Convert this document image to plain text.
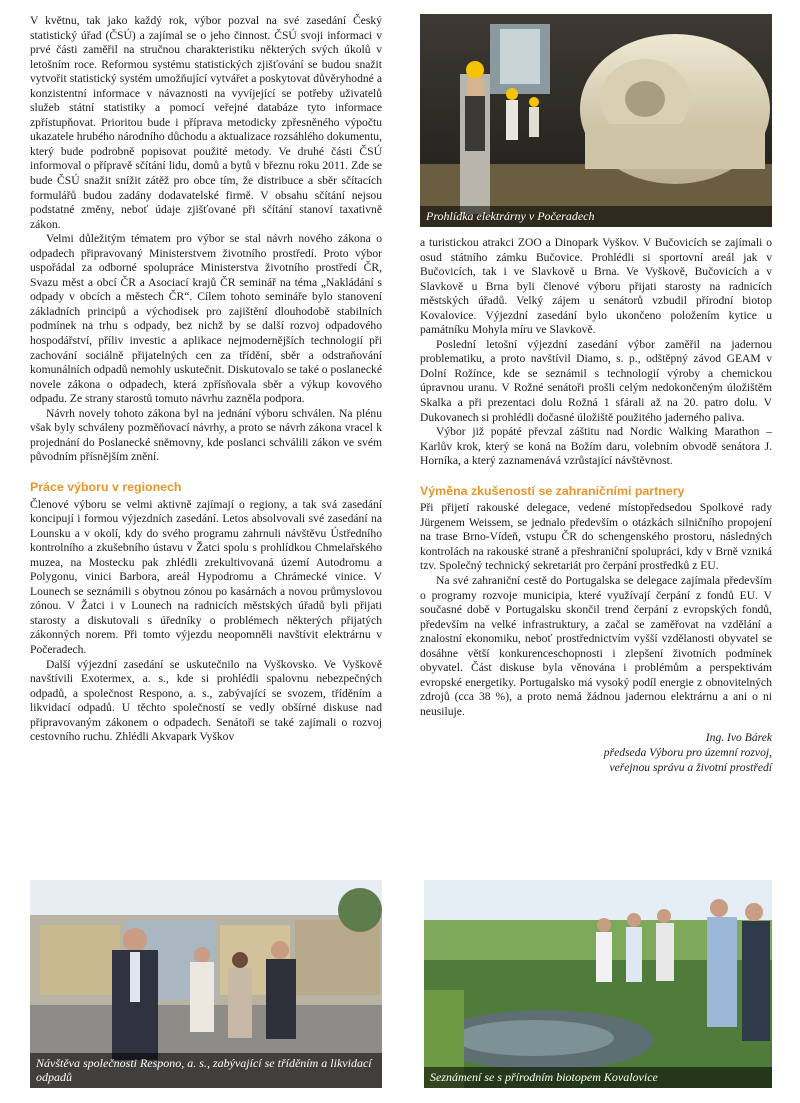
V květnu, tak jako každý rok, výbor pozval na své zasedání Český statistický úřad (ČSÚ) a zajímal se o jeho činnost. ČSÚ svoji informaci v prvé části zaměřil na stručnou charakteristiku některých svých úkolů v letošním roce. Reformou systému statistických zjišťování se budou snažit vytvořit statistický systém umožňující vytvářet a poskytovat důvěryhodné a konzistentní informace v návaznosti na vyvíjející se potřeby uživatelů služeb státní statistiky a pomocí veřejné databáze tyto informace zpřístupňovat. Prioritou bude i příprava metodicky zpřesněného výpočtu ukazatele hrubého národního důchodu a aktualizace rozsáhlého dokumentu, který bude podrobně popisovat použité metody. Ve druhé části ČSÚ informoval o přípravě sčítání lidu, domů a bytů v březnu roku 2011. Zde se bude ČSÚ snažit snížit zátěž pro obce tím, že distribuce a sběr sčítacích formulářů budou zadány dodavatelské firmě. V obsahu sčítání nejsou podstatné změny, neboť údaje zjišťované při sčítání stanoví taxativně zákon.

Velmi důležitým tématem pro výbor se stal návrh nového zákona o odpadech připravovaný Ministerstvem životního prostředí. Proto výbor uspořádal za odborné spolupráce Ministerstva životního prostředí ČR, Svazu měst a obcí ČR a Asociací krajů ČR seminář na téma „Nakládání s odpady v obcích a městech ČR“. Cílem tohoto semináře bylo stanovení základních principů a východisek pro zajištění dlouhodobě stabilních podmínek na trhu s odpady, bez nichž by se další rozvoj odpadového hospodářství, příliv investic a aplikace nejmodernějších technologií při zachování sociálně přijatelných cen za třídění, sběr a odstraňování komunálních odpadů nemohly uskutečnit. Diskutovalo se také o poslanecké novele zákona o odpadech, která zpřísňovala sběr a výkup kovového odpadu. Ze strany starostů tomuto návrhu zazněla podpora.

Návrh novely tohoto zákona byl na jednání výboru schválen. Na plénu však byly schváleny pozměňovací návrhy, a proto se návrh zákona vracel k projednání do Poslanecké sněmovny, kde poslanci schválili zákon ve svém původním přísnějším znění.

Práce výboru v regionech

Členové výboru se velmi aktivně zajímají o regiony, a tak svá zasedání koncipují i formou výjezdních zasedání. Letos absolvovali své zasedání na Lounsku a v okolí, kdy do svého programu zahrnuli návštěvu Ústředního kontrolního a zkušebního ústavu v Žatci spolu s prohlídkou Chmelařského muzea, na Mostecku pak zhlédli zrekultivovaná území Autodromu a Polygonu, vinici Barbora, areál Hypodromu a Chrámecké vinice. V Lounech se seznámili s obytnou zónou po kasárnách a novou průmyslovou zónou. V Žatci i v Lounech na radnicích městských úřadů byli přijati starosty a diskutovali s úředníky o problémech některých přijatých zákonných norem. Při tomto výjezdu neopomněli navštívit elektrárnu v Počeradech.

Další výjezdní zasedání se uskutečnilo na Vyškovsko. Ve Vyškově navštívili Exotermex, a. s., kde si prohlédli spalovnu nebezpečných odpadů, a společnost Respono, a. s., zabývající se svozem, tříděním a likvidací odpadů. U těchto společností se vedly obšírné diskuse nad připravovaným zákonem o odpadech. Senátoři se také zajímali o rozvoj cestovního ruchu. Zhlédli Akvapark Vyškov

Prohlídka elektrárny v Počeradech

a turistickou atrakci ZOO a Dinopark Vyškov. V Bučovicích se zajímali o osud státního zámku Bučovice. Prohlédli si sportovní areál jak v Bučovicích, tak i ve Slavkově u Brna. Ve Vyškově, Bučovicích a v Slavkově u Brna byli členové výboru přijati starosty na radnicích městských úřadů. Velký zájem u senátorů vzbudil přírodní biotop Kovalovice. Výjezdní zasedání bylo ukončeno položením kytice u památníku Mohyla míru ve Slavkově.

Poslední letošní výjezdní zasedání výbor zaměřil na jadernou problematiku, a proto navštívil Diamo, s. p., odštěpný závod GEAM v Dolní Rožínce, kde se seznámil s technologií výroby a chemickou úpravnou uranu. V Rožné senátoři prošli celým nedokončeným úložištěm Skalka a při prezentaci dolu Rožná 1 sfárali až na 20. patro dolu. V Dukovanech si prohlédli dočasné úložiště použitého jaderného paliva.

Výbor již popáté převzal záštitu nad Nordic Walking Marathon – Karlův krok, který se koná na Božím daru, volebním obvodě senátora J. Horníka, a který zaznamenává vzrůstající návštěvnost.

Výměna zkušeností se zahraničními partnery

Při přijetí rakouské delegace, vedené místopředsedou Spolkové rady Jürgenem Weissem, se jednalo především o otázkách silničního propojení na trase Brno-Vídeň, vstupu ČR do schengenského prostoru, následných kontrolách na rakouské straně a přeshraniční spolupráci, kdy v Brně vzniká tzv. Společný technický sekretariát pro čerpání prostředků z EU.

Na své zahraniční cestě do Portugalska se delegace zajímala především o programy rozvoje municipia, které využívají čerpání z fondů EU. V současné době v Portugalsku skončil trend čerpání z evropských fondů, především na velké infrastruktury, a začal se zaměřovat na vzdělání a znalostní ekonomiku, neboť prostřednictvím vyšší vzdělanosti obyvatel se dosáhne větší konkurenceschopnosti i zlepšení životních podmínek obyvatel. Část diskuse byla věnována i problémům a perspektivám evropské energetiky. Portugalsko má vysoký podíl energie z obnovitelných zdrojů (cca 38 %), a proto nemá žádnou jadernou elektrárnu a ani o ni neusiluje.

Ing. Ivo Bárek
předseda Výboru pro územní rozvoj,
veřejnou správu a životní prostředí
Návštěva společnosti Respono, a. s., zabývající se tříděním a likvidací odpadů	Seznámení se s přírodním biotopem Kovalovice
